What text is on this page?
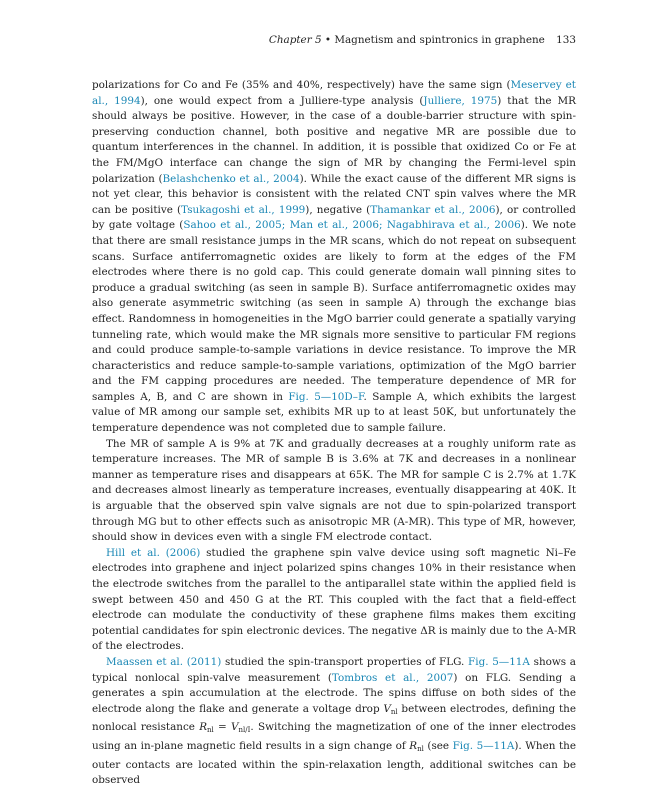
Chapter 5 • Magnetism and spintronics in graphene 133

polarizations for Co and Fe (35% and 40%, respectively) have the same sign (Meservey et al., 1994), one would expect from a Julliere-type analysis (Julliere, 1975) that the MR should always be positive. However, in the case of a double-barrier structure with spin-preserving conduction channel, both positive and negative MR are possible due to quantum interferences in the channel. In addition, it is possible that oxidized Co or Fe at the FM/MgO interface can change the sign of MR by changing the Fermi-level spin polarization (Belashchenko et al., 2004). While the exact cause of the different MR signs is not yet clear, this behavior is consistent with the related CNT spin valves where the MR can be positive (Tsukagoshi et al., 1999), negative (Thamankar et al., 2006), or controlled by gate voltage (Sahoo et al., 2005; Man et al., 2006; Nagabhirava et al., 2006). We note that there are small resistance jumps in the MR scans, which do not repeat on subsequent scans. Surface antiferromagnetic oxides are likely to form at the edges of the FM electrodes where there is no gold cap. This could generate domain wall pinning sites to produce a gradual switching (as seen in sample B). Surface antiferromagnetic oxides may also generate asymmetric switching (as seen in sample A) through the exchange bias effect. Randomness in homogeneities in the MgO barrier could generate a spatially varying tunneling rate, which would make the MR signals more sensitive to particular FM regions and could produce sample-to-sample variations in device resistance. To improve the MR characteristics and reduce sample-to-sample variations, optimization of the MgO barrier and the FM capping procedures are needed. The temperature dependence of MR for samples A, B, and C are shown in Fig. 5—10D–F. Sample A, which exhibits the largest value of MR among our sample set, exhibits MR up to at least 50K, but unfortunately the temperature dependence was not completed due to sample failure.

The MR of sample A is 9% at 7K and gradually decreases at a roughly uniform rate as temperature increases. The MR of sample B is 3.6% at 7K and decreases in a nonlinear manner as temperature rises and disappears at 65K. The MR for sample C is 2.7% at 1.7K and decreases almost linearly as temperature increases, eventually disappearing at 40K. It is arguable that the observed spin valve signals are not due to spin-polarized transport through MG but to other effects such as anisotropic MR (A-MR). This type of MR, however, should show in devices even with a single FM electrode contact.

Hill et al. (2006) studied the graphene spin valve device using soft magnetic Ni–Fe electrodes into graphene and inject polarized spins changes 10% in their resistance when the electrode switches from the parallel to the antiparallel state within the applied field is swept between 450 and 450 G at the RT. This coupled with the fact that a field-effect electrode can modulate the conductivity of these graphene films makes them exciting potential candidates for spin electronic devices. The negative ΔR is mainly due to the A-MR of the electrodes.

Maassen et al. (2011) studied the spin-transport properties of FLG. Fig. 5—11A shows a typical nonlocal spin-valve measurement (Tombros et al., 2007) on FLG. Sending a generates a spin accumulation at the electrode. The spins diffuse on both sides of the electrode along the flake and generate a voltage drop $V_{nl}$ between electrodes, defining the nonlocal resistance $R_{nl} = V_{nl/I}$. Switching the magnetization of one of the inner electrodes using an in-plane magnetic field results in a sign change of $R_{nl}$ (see Fig. 5—11A). When the outer contacts are located within the spin-relaxation length, additional switches can be observed
